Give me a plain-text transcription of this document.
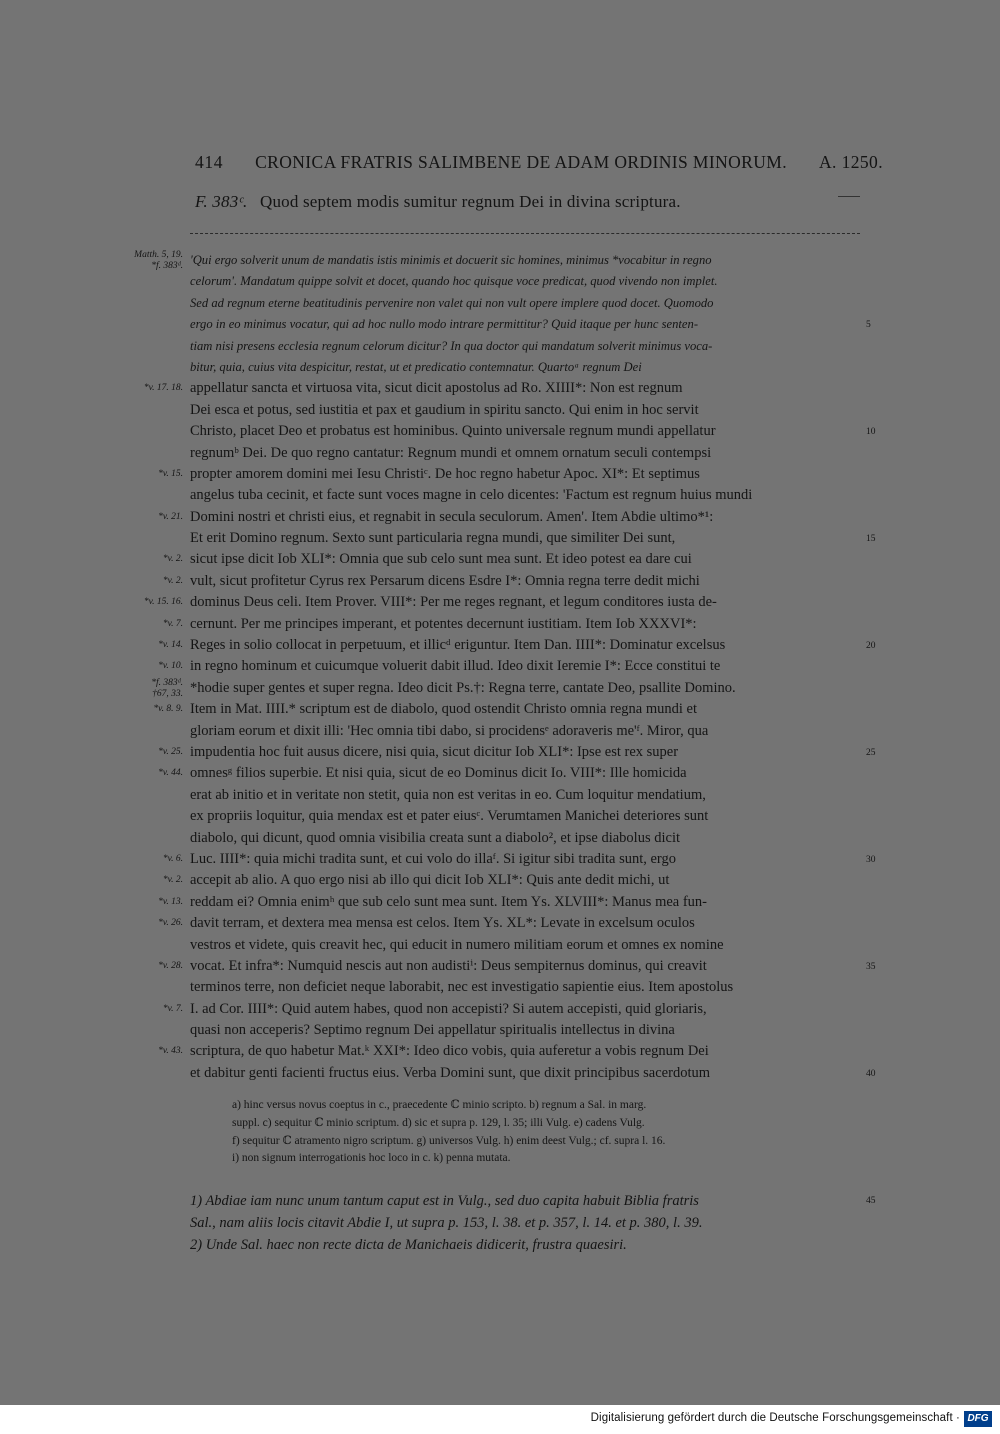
414 CRONICA FRATRIS SALIMBENE DE ADAM ORDINIS MINORUM. A. 1250.
F. 383ᶜ. Quod septem modis sumitur regnum Dei in divina scriptura.
Matth. 5, 19.
*f. 383ᵈ. 'Qui ergo solverit unum de mandatis istis minimis et docuerit sic homines, minimus *vocabitur in regno
celorum'. Mandatum quippe solvit et docet, quando hoc quisque voce predicat, quod vivendo non implet.
Sed ad regnum eterne beatitudinis pervenire non valet qui non vult opere implere quod docet. Quomodo
ergo in eo minimus vocatur, qui ad hoc nullo modo intrare permittitur? Quid itaque per hunc senten-	5
tiam nisi presens ecclesia regnum celorum dicitur? In qua doctor qui mandatum solverit minimus voca-
bitur, quia, cuius vita despicitur, restat, ut et predicatio contemnatur. Quartoᵃ regnum Dei
*v. 17. 18. appellatur sancta et virtuosa vita, sicut dicit apostolus ad Ro. XIIII*: Non est regnum
Dei esca et potus, sed iustitia et pax et gaudium in spiritu sancto. Qui enim in hoc servit
Christo, placet Deo et probatus est hominibus. Quinto universale regnum mundi appellatur	10
regnumᵇ Dei. De quo regno cantatur: Regnum mundi et omnem ornatum seculi contempsi
*v. 15. propter amorem domini mei Iesu Christiᶜ. De hoc regno habetur Apoc. XI*: Et septimus
angelus tuba cecinit, et facte sunt voces magne in celo dicentes: 'Factum est regnum huius mundi
*v. 21. Domini nostri et christi eius, et regnabit in secula seculorum. Amen'. Item Abdie ultimo*¹:
Et erit Domino regnum. Sexto sunt particularia regna mundi, que similiter Dei sunt,	15
*v. 2. sicut ipse dicit Iob XLI*: Omnia que sub celo sunt mea sunt. Et ideo potest ea dare cui
*v. 2. vult, sicut profitetur Cyrus rex Persarum dicens Esdre I*: Omnia regna terre dedit michi
*v. 15. 16. dominus Deus celi. Item Prover. VIII*: Per me reges regnant, et legum conditores iusta de-
*v. 7. cernunt. Per me principes imperant, et potentes decernunt iustitiam. Item Iob XXXVI*:
*v. 14. Reges in solio collocat in perpetuum, et illicᵈ eriguntur. Item Dan. IIII*: Dominatur excelsus	20
*v. 10. in regno hominum et cuicumque voluerit dabit illud. Ideo dixit Ieremie I*: Ecce constitui te
*f. 383ᵈ.
†67, 33. *hodie super gentes et super regna. Ideo dicit Ps.†: Regna terre, cantate Deo, psallite Domino.
*v. 8. 9. Item in Mat. IIII.* scriptum est de diabolo, quod ostendit Christo omnia regna mundi et
gloriam eorum et dixit illi: 'Hec omnia tibi dabo, si procidensᵉ adoraveris me'ᶠ. Miror, qua
*v. 25. impudentia hoc fuit ausus dicere, nisi quia, sicut dicitur Iob XLI*: Ipse est rex super	25
*v. 44. omnesᵍ filios superbie. Et nisi quia, sicut de eo Dominus dicit Io. VIII*: Ille homicida
erat ab initio et in veritate non stetit, quia non est veritas in eo. Cum loquitur mendatium,
ex propriis loquitur, quia mendax est et pater eiusᶜ. Verumtamen Manichei deteriores sunt
diabolo, qui dicunt, quod omnia visibilia creata sunt a diabolo², et ipse diabolus dicit
*v. 6. Luc. IIII*: quia michi tradita sunt, et cui volo do illaᶠ. Si igitur sibi tradita sunt, ergo	30
*v. 2. accepit ab alio. A quo ergo nisi ab illo qui dicit Iob XLI*: Quis ante dedit michi, ut
*v. 13. reddam ei? Omnia enimʰ que sub celo sunt mea sunt. Item Ys. XLVIII*: Manus mea fun-
*v. 26. davit terram, et dextera mea mensa est celos. Item Ys. XL*: Levate in excelsum oculos
vestros et videte, quis creavit hec, qui educit in numero militiam eorum et omnes ex nomine
*v. 28. vocat. Et infra*: Numquid nescis aut non audistiⁱ: Deus sempiternus dominus, qui creavit	35
terminos terre, non deficiet neque laborabit, nec est investigatio sapientie eius. Item apostolus
*v. 7. I. ad Cor. IIII*: Quid autem habes, quod non accepisti? Si autem accepisti, quid gloriaris,
quasi non acceperis? Septimo regnum Dei appellatur spiritualis intellectus in divina
*v. 43. scriptura, de quo habetur Mat.ᵏ XXI*: Ideo dico vobis, quia auferetur a vobis regnum Dei
et dabitur genti facienti fructus eius. Verba Domini sunt, que dixit principibus sacerdotum	40
a) hinc versus novus coeptus in c., praecedente ℂ minio scripto. b) regnum a Sal. in marg.
suppl. c) sequitur ℂ minio scriptum. d) sic et supra p. 129, l. 35; illi Vulg. e) cadens Vulg.
f) sequitur ℂ atramento nigro scriptum. g) universos Vulg. h) enim deest Vulg.; cf. supra l. 16.
i) non signum interrogationis hoc loco in c. k) penna mutata.
1) Abdiae iam nunc unum tantum caput est in Vulg., sed duo capita habuit Biblia fratris
Sal., nam aliis locis citavit Abdie I, ut supra p. 153, l. 38. et p. 357, l. 14. et p. 380, l. 39.
2) Unde Sal. haec non recte dicta de Manichaeis didicerit, frustra quaesiri.
45
Digitalisierung gefördert durch die Deutsche Forschungsgemeinschaft · DFG
